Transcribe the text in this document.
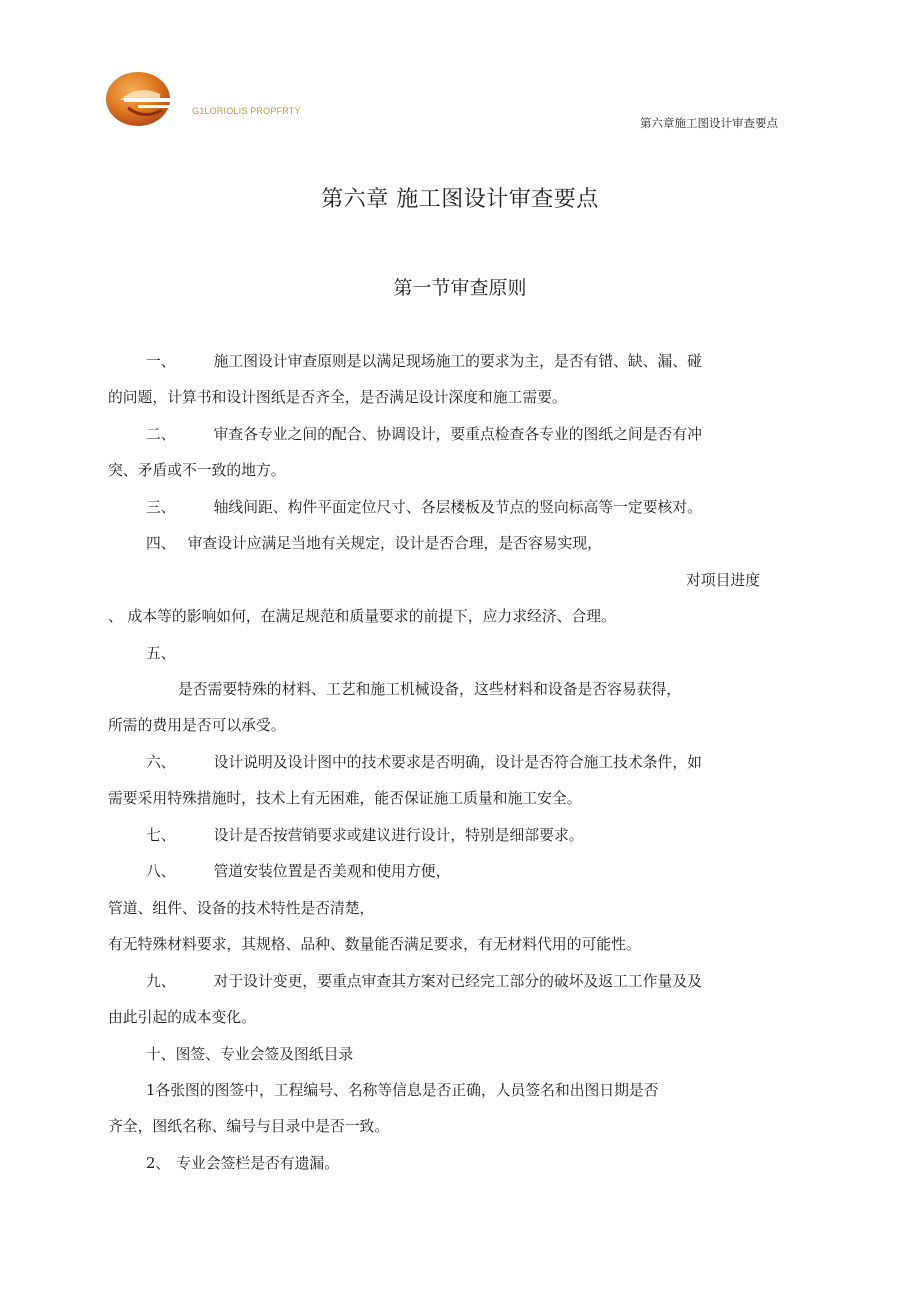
G1LORIOLIS PROPFRTY
第六章施工图设计审查要点
第六章 施工图设计审查要点
第一节审查原则
一、	施工图设计审查原则是以满足现场施工的要求为主，是否有错、缺、漏、碰
的问题，计算书和设计图纸是否齐全，是否满足设计深度和施工需要。
二、	审查各专业之间的配合、协调设计，要重点检查各专业的图纸之间是否有冲
突、矛盾或不一致的地方。
三、	轴线间距、构件平面定位尺寸、各层楼板及节点的竖向标高等一定要核对。
四、 审查设计应满足当地有关规定，设计是否合理，是否容易实现，
对项目进度
、 成本等的影响如何，在满足规范和质量要求的前提下，应力求经济、合理。
五、
是否需要特殊的材料、工艺和施工机械设备，这些材料和设备是否容易获得，
所需的费用是否可以承受。
六、	设计说明及设计图中的技术要求是否明确，设计是否符合施工技术条件，如
需要采用特殊措施时，技术上有无困难，能否保证施工质量和施工安全。
七、	设计是否按营销要求或建议进行设计，特别是细部要求。
八、	管道安装位置是否美观和使用方便，
管道、组件、设备的技术特性是否清楚，
有无特殊材料要求，其规格、品种、数量能否满足要求，有无材料代用的可能性。
九、	对于设计变更，要重点审查其方案对已经完工部分的破坏及返工工作量及及
由此引起的成本变化。
十、图签、专业会签及图纸目录
1各张图的图签中，工程编号、名称等信息是否正确，人员签名和出图日期是否
齐全，图纸名称、编号与目录中是否一致。
2、 专业会签栏是否有遗漏。
